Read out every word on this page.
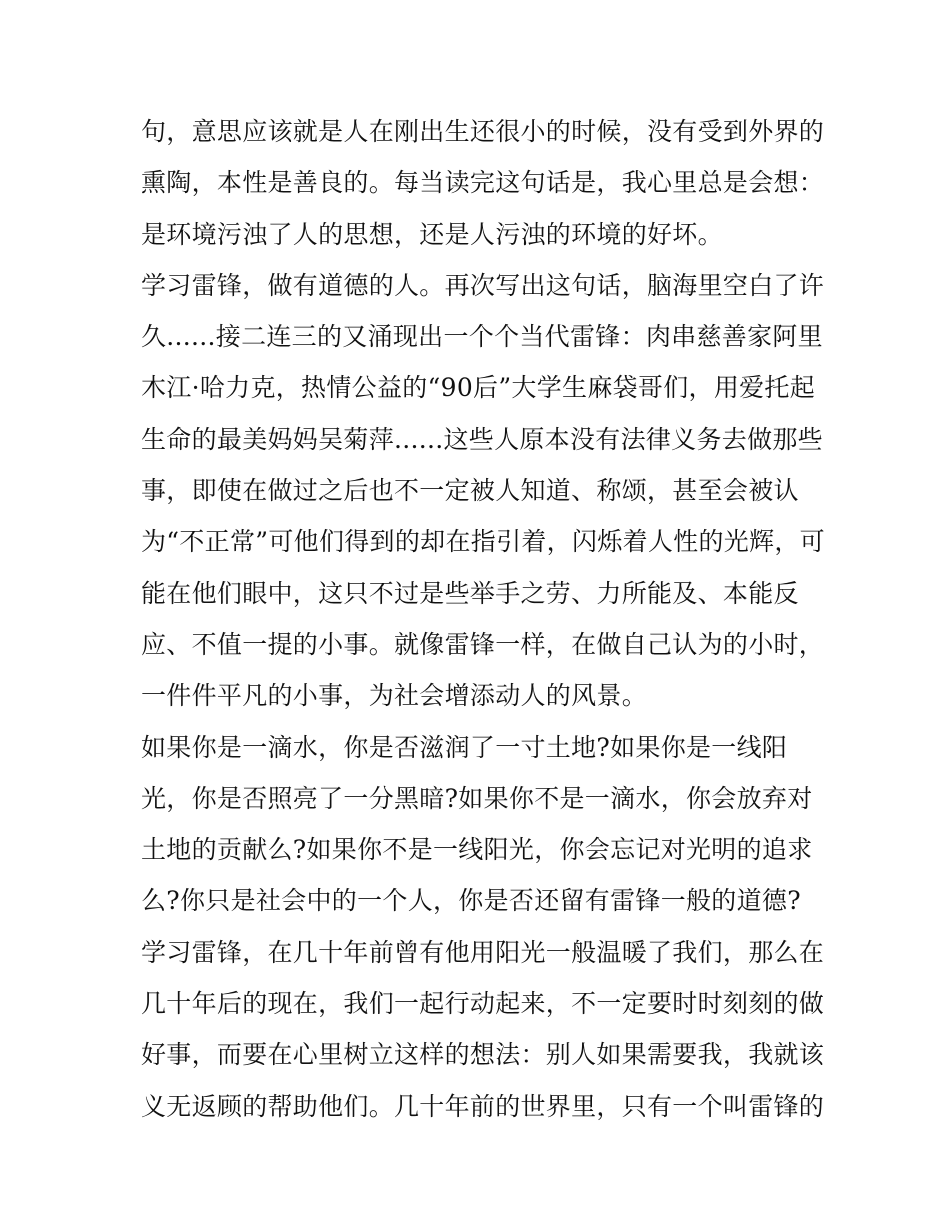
句，意思应该就是人在刚出生还很小的时候，没有受到外界的
熏陶，本性是善良的。每当读完这句话是，我心里总是会想：
是环境污浊了人的思想，还是人污浊的环境的好坏。
学习雷锋，做有道德的人。再次写出这句话，脑海里空白了许
久......接二连三的又涌现出一个个当代雷锋：肉串慈善家阿里
木江·哈力克，热情公益的“90后”大学生麻袋哥们，用爱托起
生命的最美妈妈吴菊萍......这些人原本没有法律义务去做那些
事，即使在做过之后也不一定被人知道、称颂，甚至会被认
为“不正常”可他们得到的却在指引着，闪烁着人性的光辉，可
能在他们眼中，这只不过是些举手之劳、力所能及、本能反
应、不值一提的小事。就像雷锋一样，在做自己认为的小时，
一件件平凡的小事，为社会增添动人的风景。
如果你是一滴水，你是否滋润了一寸土地?如果你是一线阳
光，你是否照亮了一分黑暗?如果你不是一滴水，你会放弃对
土地的贡献么?如果你不是一线阳光，你会忘记对光明的追求
么?你只是社会中的一个人，你是否还留有雷锋一般的道德?
学习雷锋，在几十年前曾有他用阳光一般温暖了我们，那么在
几十年后的现在，我们一起行动起来，不一定要时时刻刻的做
好事，而要在心里树立这样的想法：别人如果需要我，我就该
义无返顾的帮助他们。几十年前的世界里，只有一个叫雷锋的
